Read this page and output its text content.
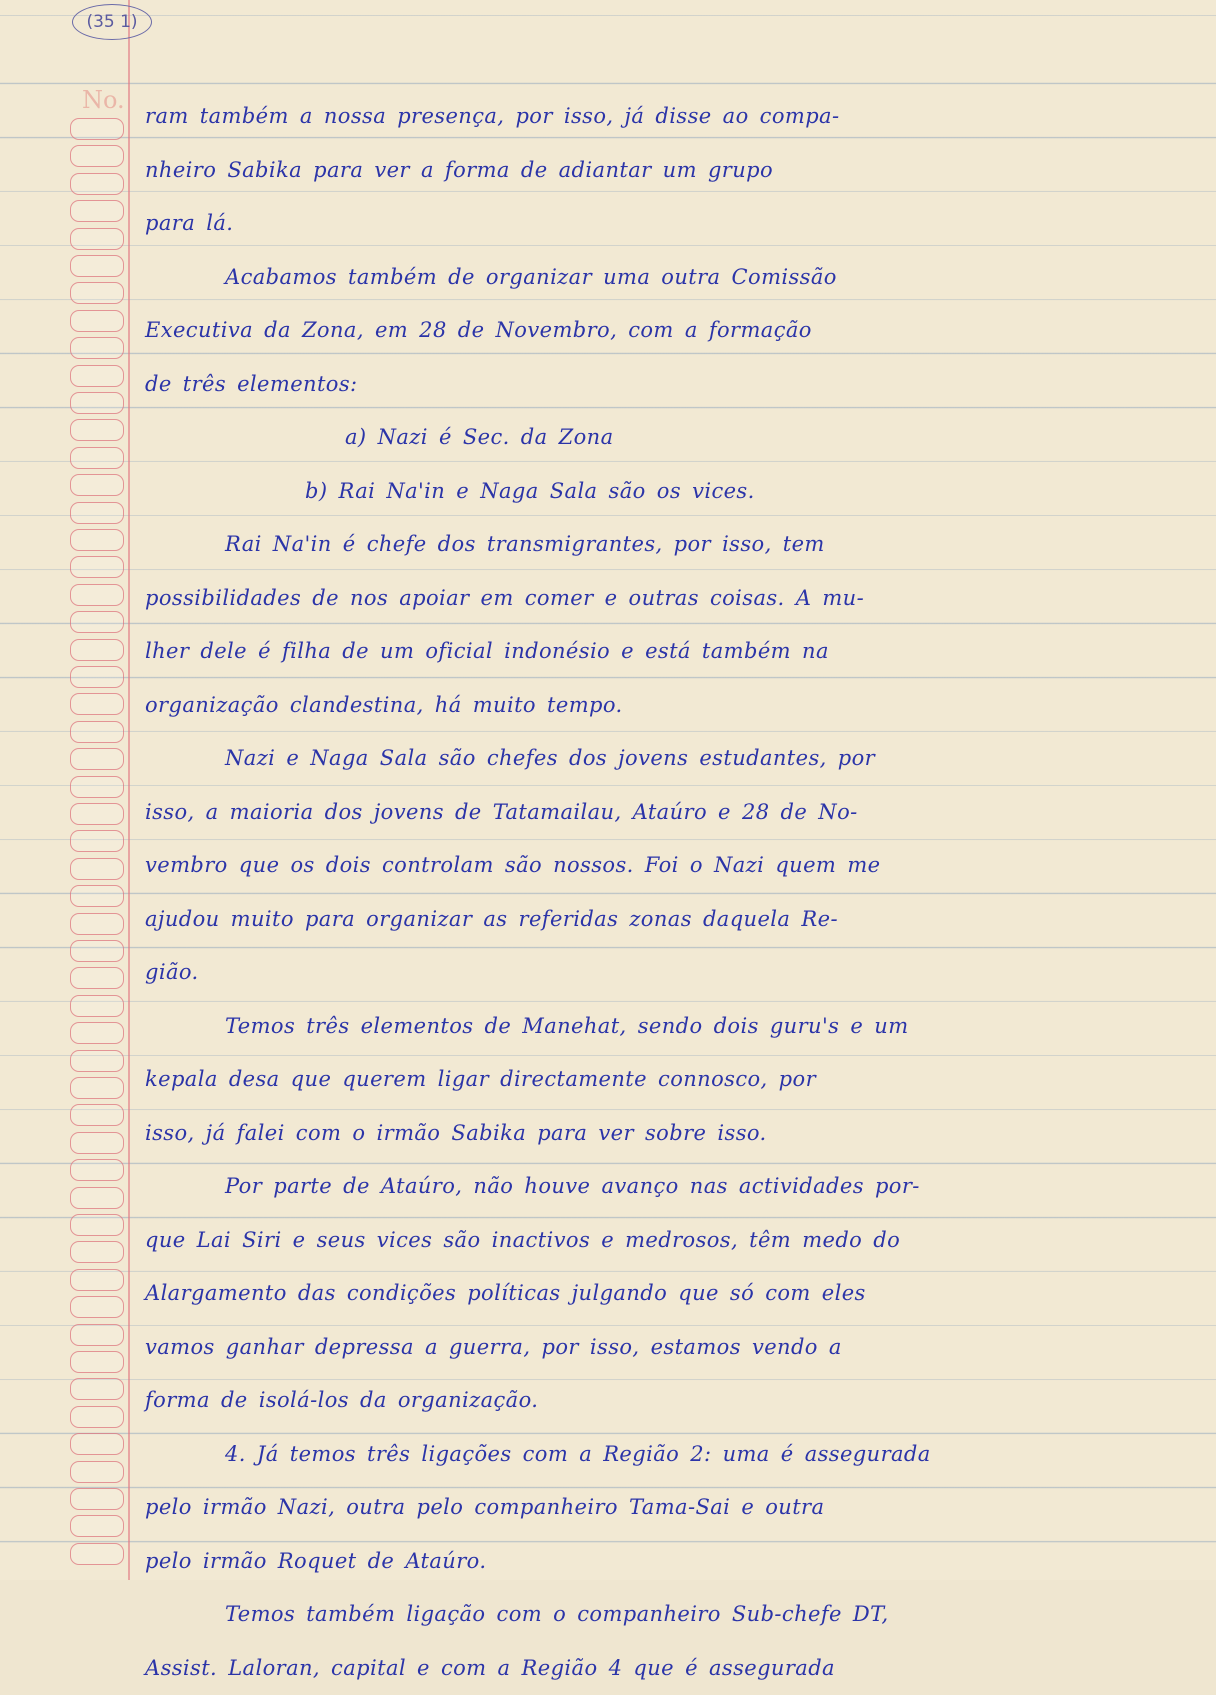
(35 1)
No.
ram também a nossa presença, por isso, já disse ao compa-
nheiro Sabika para ver a forma de adiantar um grupo
para lá.
Acabamos também de organizar uma outra Comissão
Executiva da Zona, em 28 de Novembro, com a formação
de três elementos:
a) Nazi é Sec. da Zona
b) Rai Na'in e Naga Sala são os vices.
Rai Na'in é chefe dos transmigrantes, por isso, tem
possibilidades de nos apoiar em comer e outras coisas. A mu-
lher dele é filha de um oficial indonésio e está também na
organização clandestina, há muito tempo.
Nazi e Naga Sala são chefes dos jovens estudantes, por
isso, a maioria dos jovens de Tatamailau, Ataúro e 28 de No-
vembro que os dois controlam são nossos. Foi o Nazi quem me
ajudou muito para organizar as referidas zonas daquela Re-
gião.
Temos três elementos de Manehat, sendo dois guru's e um
kepala desa que querem ligar directamente connosco, por
isso, já falei com o irmão Sabika para ver sobre isso.
Por parte de Ataúro, não houve avanço nas actividades por-
que Lai Siri e seus vices são inactivos e medrosos, têm medo do
Alargamento das condições políticas julgando que só com eles
vamos ganhar depressa a guerra, por isso, estamos vendo a
forma de isolá-los da organização.
4. Já temos três ligações com a Região 2: uma é assegurada
pelo irmão Nazi, outra pelo companheiro Tama-Sai e outra
pelo irmão Roquet de Ataúro.
Temos também ligação com o companheiro Sub-chefe DT,
Assist. Laloran, capital e com a Região 4 que é assegurada
